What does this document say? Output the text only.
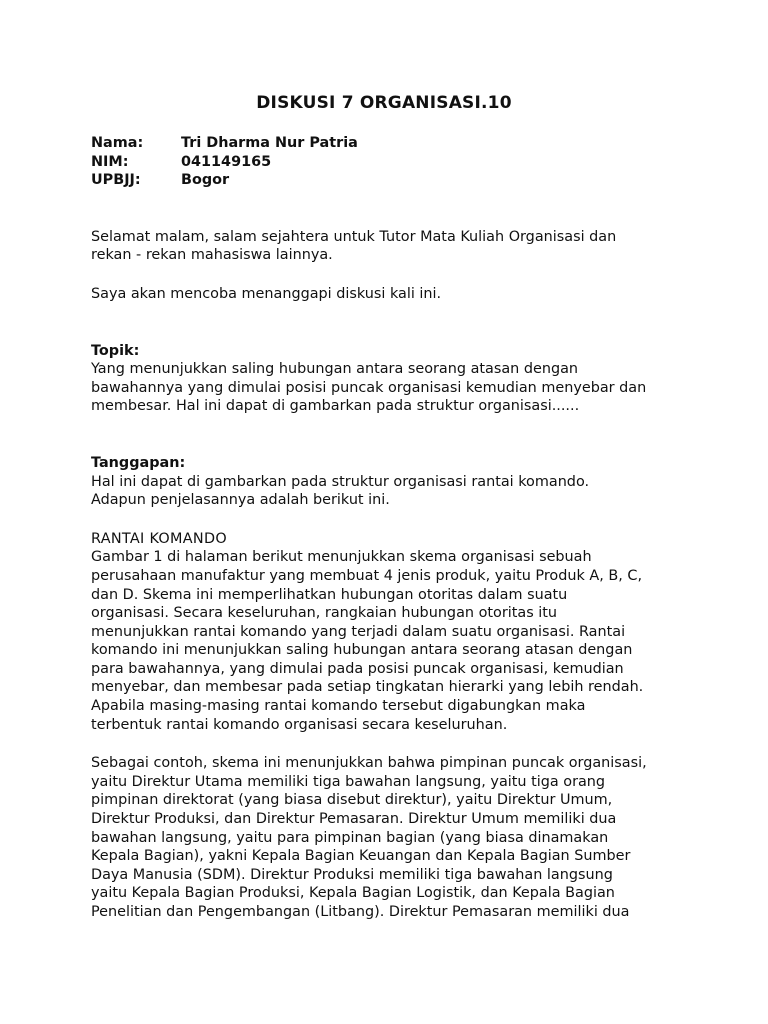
DISKUSI 7 ORGANISASI.10
Nama:	Tri Dharma Nur Patria
NIM:	041149165
UPBJJ:	Bogor
Selamat malam, salam sejahtera untuk Tutor Mata Kuliah Organisasi dan
rekan - rekan mahasiswa lainnya.
Saya akan mencoba menanggapi diskusi kali ini.
Topik:
Yang menunjukkan saling hubungan antara seorang atasan dengan
bawahannya yang dimulai posisi puncak organisasi kemudian menyebar dan
membesar. Hal ini dapat di gambarkan pada struktur organisasi......
Tanggapan:
Hal ini dapat di gambarkan pada struktur organisasi rantai komando.
Adapun penjelasannya adalah berikut ini.
RANTAI KOMANDO
Gambar 1 di halaman berikut menunjukkan skema organisasi sebuah
perusahaan manufaktur yang membuat 4 jenis produk, yaitu Produk A, B, C,
dan D. Skema ini memperlihatkan hubungan otoritas dalam suatu
organisasi. Secara keseluruhan, rangkaian hubungan otoritas itu
menunjukkan rantai komando yang terjadi dalam suatu organisasi. Rantai
komando ini menunjukkan saling hubungan antara seorang atasan dengan
para bawahannya, yang dimulai pada posisi puncak organisasi, kemudian
menyebar, dan membesar pada setiap tingkatan hierarki yang lebih rendah.
Apabila masing-masing rantai komando tersebut digabungkan maka
terbentuk rantai komando organisasi secara keseluruhan.
Sebagai contoh, skema ini menunjukkan bahwa pimpinan puncak organisasi,
yaitu Direktur Utama memiliki tiga bawahan langsung, yaitu tiga orang
pimpinan direktorat (yang biasa disebut direktur), yaitu Direktur Umum,
Direktur Produksi, dan Direktur Pemasaran. Direktur Umum memiliki dua
bawahan langsung, yaitu para pimpinan bagian (yang biasa dinamakan
Kepala Bagian), yakni Kepala Bagian Keuangan dan Kepala Bagian Sumber
Daya Manusia (SDM). Direktur Produksi memiliki tiga bawahan langsung
yaitu Kepala Bagian Produksi, Kepala Bagian Logistik, dan Kepala Bagian
Penelitian dan Pengembangan (Litbang). Direktur Pemasaran memiliki dua
